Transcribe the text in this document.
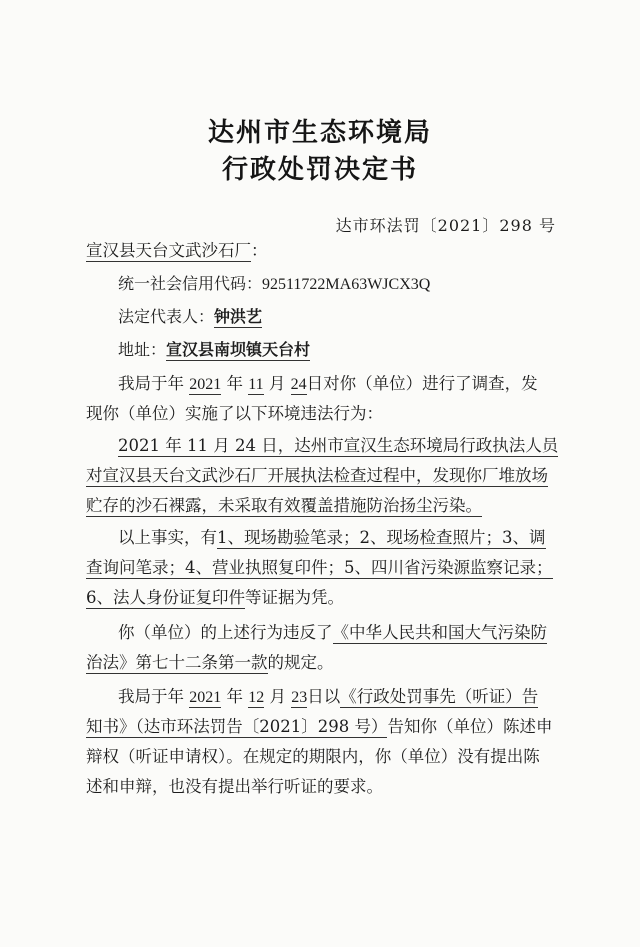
达州市生态环境局
行政处罚决定书
达市环法罚〔2021〕298 号
宣汉县天台文武沙石厂：
统一社会信用代码：92511722MA63WJCX3Q
法定代表人：钟洪艺
地址：宣汉县南坝镇天台村
我局于年 2021 年 11 月 24日对你（单位）进行了调查，发
现你（单位）实施了以下环境违法行为：
2021 年 11 月 24 日，达州市宣汉生态环境局行政执法人员
对宣汉县天台文武沙石厂开展执法检查过程中，发现你厂堆放场
贮存的沙石裸露，未采取有效覆盖措施防治扬尘污染。
以上事实，有1、现场勘验笔录；2、现场检查照片；3、调
查询问笔录；4、营业执照复印件；5、四川省污染源监察记录；
6、法人身份证复印件等证据为凭。
你（单位）的上述行为违反了《中华人民共和国大气污染防
治法》第七十二条第一款的规定。
我局于年 2021 年 12 月 23日以《行政处罚事先（听证）告
知书》（达市环法罚告〔2021〕298 号）告知你（单位）陈述申
辩权（听证申请权）。在规定的期限内，你（单位）没有提出陈
述和申辩，也没有提出举行听证的要求。
